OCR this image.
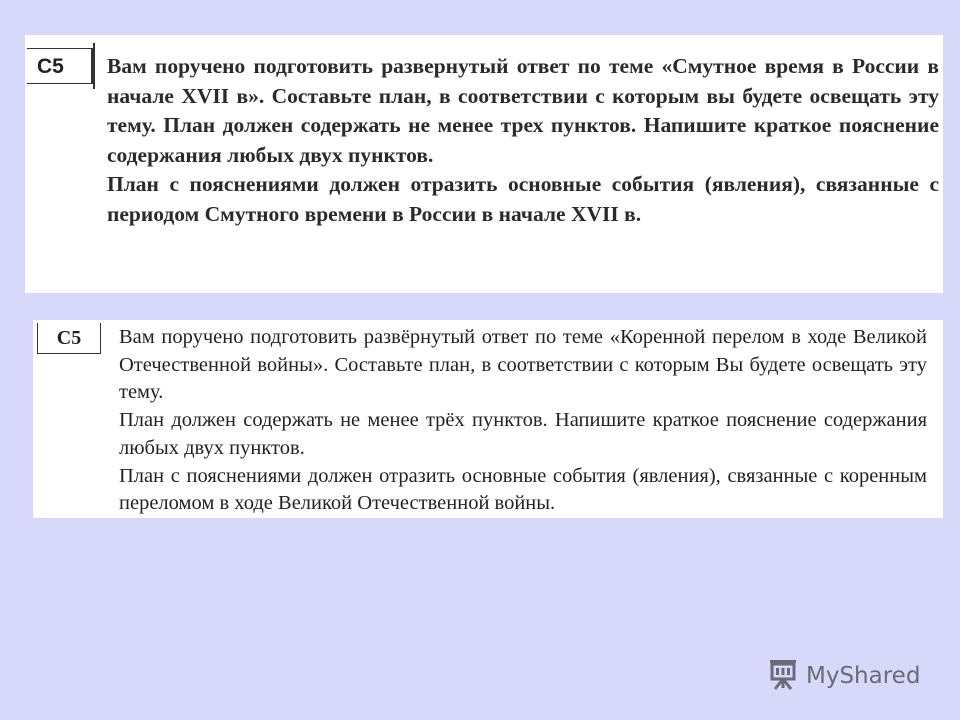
С5	Вам поручено подготовить развернутый ответ по теме «Смутное время в России в начале XVII в». Составьте план, в соответствии с которым вы будете освещать эту тему. План должен содержать не менее трех пунктов. Напишите краткое пояснение содержания любых двух пунктов.

План с пояснениями должен отразить основные события (явления), связанные с периодом Смутного времени в России в начале XVII в.

С5	Вам поручено подготовить развёрнутый ответ по теме «Коренной перелом в ходе Великой Отечественной войны». Составьте план, в соответствии с которым Вы будете освещать эту тему.

План должен содержать не менее трёх пунктов. Напишите краткое пояснение содержания любых двух пунктов.

План с пояснениями должен отразить основные события (явления), связанные с коренным переломом в ходе Великой Отечественной войны.

MyShared
